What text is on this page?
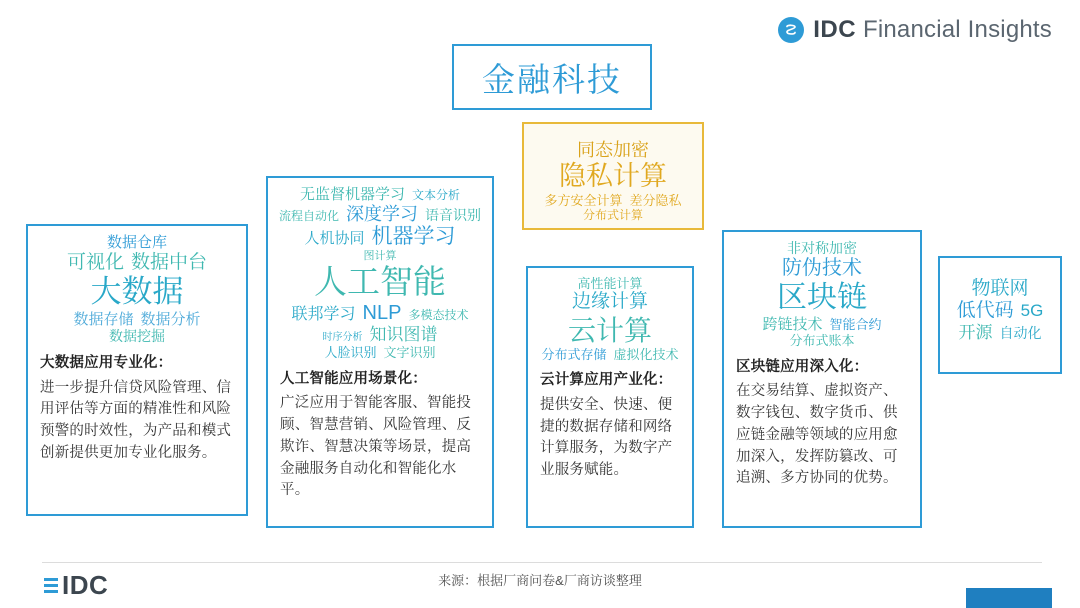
IDC Financial Insights
金融科技
数据仓库
可视化 数据中台
大数据
数据存储 数据分析
数据挖掘
大数据应用专业化：
进一步提升信贷风险管理、信用评估等方面的精准性和风险预警的时效性，为产品和模式创新提供更加专业化服务。
无监督机器学习 文本分析
流程自动化 深度学习 语音识别
人机协同 机器学习
图计算
人工智能
联邦学习 NLP 多模态技术
时序分析 知识图谱
人脸识别 文字识别
人工智能应用场景化：
广泛应用于智能客服、智能投顾、智慧营销、风险管理、反欺诈、智慧决策等场景，提高金融服务自动化和智能化水平。
高性能计算
边缘计算
云计算
分布式存储 虚拟化技术
云计算应用产业化：
提供安全、快速、便捷的数据存储和网络计算服务，为数字产业服务赋能。
非对称加密
防伪技术
区块链
跨链技术 智能合约
分布式账本
区块链应用深入化：
在交易结算、虚拟资产、数字钱包、数字货币、供应链金融等领域的应用愈加深入，发挥防篡改、可追溯、多方协同的优势。
同态加密
隐私计算
多方安全计算 差分隐私
分布式计算
物联网
低代码 5G
开源 自动化
IDC	来源：根据厂商问卷&厂商访谈整理
